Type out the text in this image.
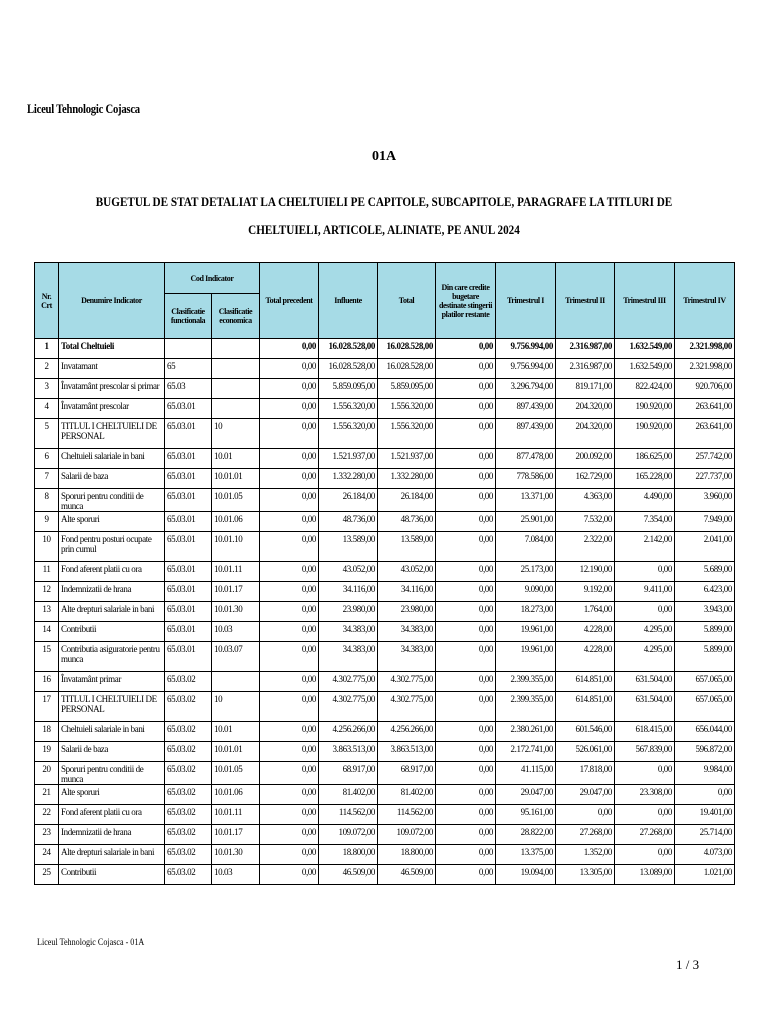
Liceul Tehnologic Cojasca
01A
BUGETUL DE STAT DETALIAT LA CHELTUIELI PE CAPITOLE, SUBCAPITOLE, PARAGRAFE LA TITLURI DE CHELTUIELI, ARTICOLE, ALINIATE, PE ANUL 2024
Nr. Crt	Denumire Indicator	Cod Indicator		Total precedent	Influente	Total	Din care credite bugetare destinate stingerii platilor restante	Trimestrul I	Trimestrul II	Trimestrul III	Trimestrul IV
		Clasificatie functionala	Clasificatie economica								
1	Total Cheltuieli			0,00	16.028.528,00	16.028.528,00	0,00	9.756.994,00	2.316.987,00	1.632.549,00	2.321.998,00
2	Invatamant	65		0,00	16.028.528,00	16.028.528,00	0,00	9.756.994,00	2.316.987,00	1.632.549,00	2.321.998,00
3	Învatamânt prescolar si primar	65.03		0,00	5.859.095,00	5.859.095,00	0,00	3.296.794,00	819.171,00	822.424,00	920.706,00
4	Învatamânt prescolar	65.03.01		0,00	1.556.320,00	1.556.320,00	0,00	897.439,00	204.320,00	190.920,00	263.641,00
5	TITLUL I CHELTUIELI DE PERSONAL	65.03.01	10	0,00	1.556.320,00	1.556.320,00	0,00	897.439,00	204.320,00	190.920,00	263.641,00
6	Cheltuieli salariale in bani	65.03.01	10.01	0,00	1.521.937,00	1.521.937,00	0,00	877.478,00	200.092,00	186.625,00	257.742,00
7	Salarii de baza	65.03.01	10.01.01	0,00	1.332.280,00	1.332.280,00	0,00	778.586,00	162.729,00	165.228,00	227.737,00
8	Sporuri pentru conditii de munca	65.03.01	10.01.05	0,00	26.184,00	26.184,00	0,00	13.371,00	4.363,00	4.490,00	3.960,00
9	Alte sporuri	65.03.01	10.01.06	0,00	48.736,00	48.736,00	0,00	25.901,00	7.532,00	7.354,00	7.949,00
10	Fond pentru posturi ocupate prin cumul	65.03.01	10.01.10	0,00	13.589,00	13.589,00	0,00	7.084,00	2.322,00	2.142,00	2.041,00
11	Fond aferent platii cu ora	65.03.01	10.01.11	0,00	43.052,00	43.052,00	0,00	25.173,00	12.190,00	0,00	5.689,00
12	Indemnizatii de hrana	65.03.01	10.01.17	0,00	34.116,00	34.116,00	0,00	9.090,00	9.192,00	9.411,00	6.423,00
13	Alte drepturi salariale in bani	65.03.01	10.01.30	0,00	23.980,00	23.980,00	0,00	18.273,00	1.764,00	0,00	3.943,00
14	Contributii	65.03.01	10.03	0,00	34.383,00	34.383,00	0,00	19.961,00	4.228,00	4.295,00	5.899,00
15	Contributia asiguratorie pentru munca	65.03.01	10.03.07	0,00	34.383,00	34.383,00	0,00	19.961,00	4.228,00	4.295,00	5.899,00
16	Învatamânt primar	65.03.02		0,00	4.302.775,00	4.302.775,00	0,00	2.399.355,00	614.851,00	631.504,00	657.065,00
17	TITLUL I CHELTUIELI DE PERSONAL	65.03.02	10	0,00	4.302.775,00	4.302.775,00	0,00	2.399.355,00	614.851,00	631.504,00	657.065,00
18	Cheltuieli salariale in bani	65.03.02	10.01	0,00	4.256.266,00	4.256.266,00	0,00	2.380.261,00	601.546,00	618.415,00	656.044,00
19	Salarii de baza	65.03.02	10.01.01	0,00	3.863.513,00	3.863.513,00	0,00	2.172.741,00	526.061,00	567.839,00	596.872,00
20	Sporuri pentru conditii de munca	65.03.02	10.01.05	0,00	68.917,00	68.917,00	0,00	41.115,00	17.818,00	0,00	9.984,00
21	Alte sporuri	65.03.02	10.01.06	0,00	81.402,00	81.402,00	0,00	29.047,00	29.047,00	23.308,00	0,00
22	Fond aferent platii cu ora	65.03.02	10.01.11	0,00	114.562,00	114.562,00	0,00	95.161,00	0,00	0,00	19.401,00
23	Indemnizatii de hrana	65.03.02	10.01.17	0,00	109.072,00	109.072,00	0,00	28.822,00	27.268,00	27.268,00	25.714,00
24	Alte drepturi salariale in bani	65.03.02	10.01.30	0,00	18.800,00	18.800,00	0,00	13.375,00	1.352,00	0,00	4.073,00
25	Contributii	65.03.02	10.03	0,00	46.509,00	46.509,00	0,00	19.094,00	13.305,00	13.089,00	1.021,00
Liceul Tehnologic Cojasca - 01A
1 / 3
